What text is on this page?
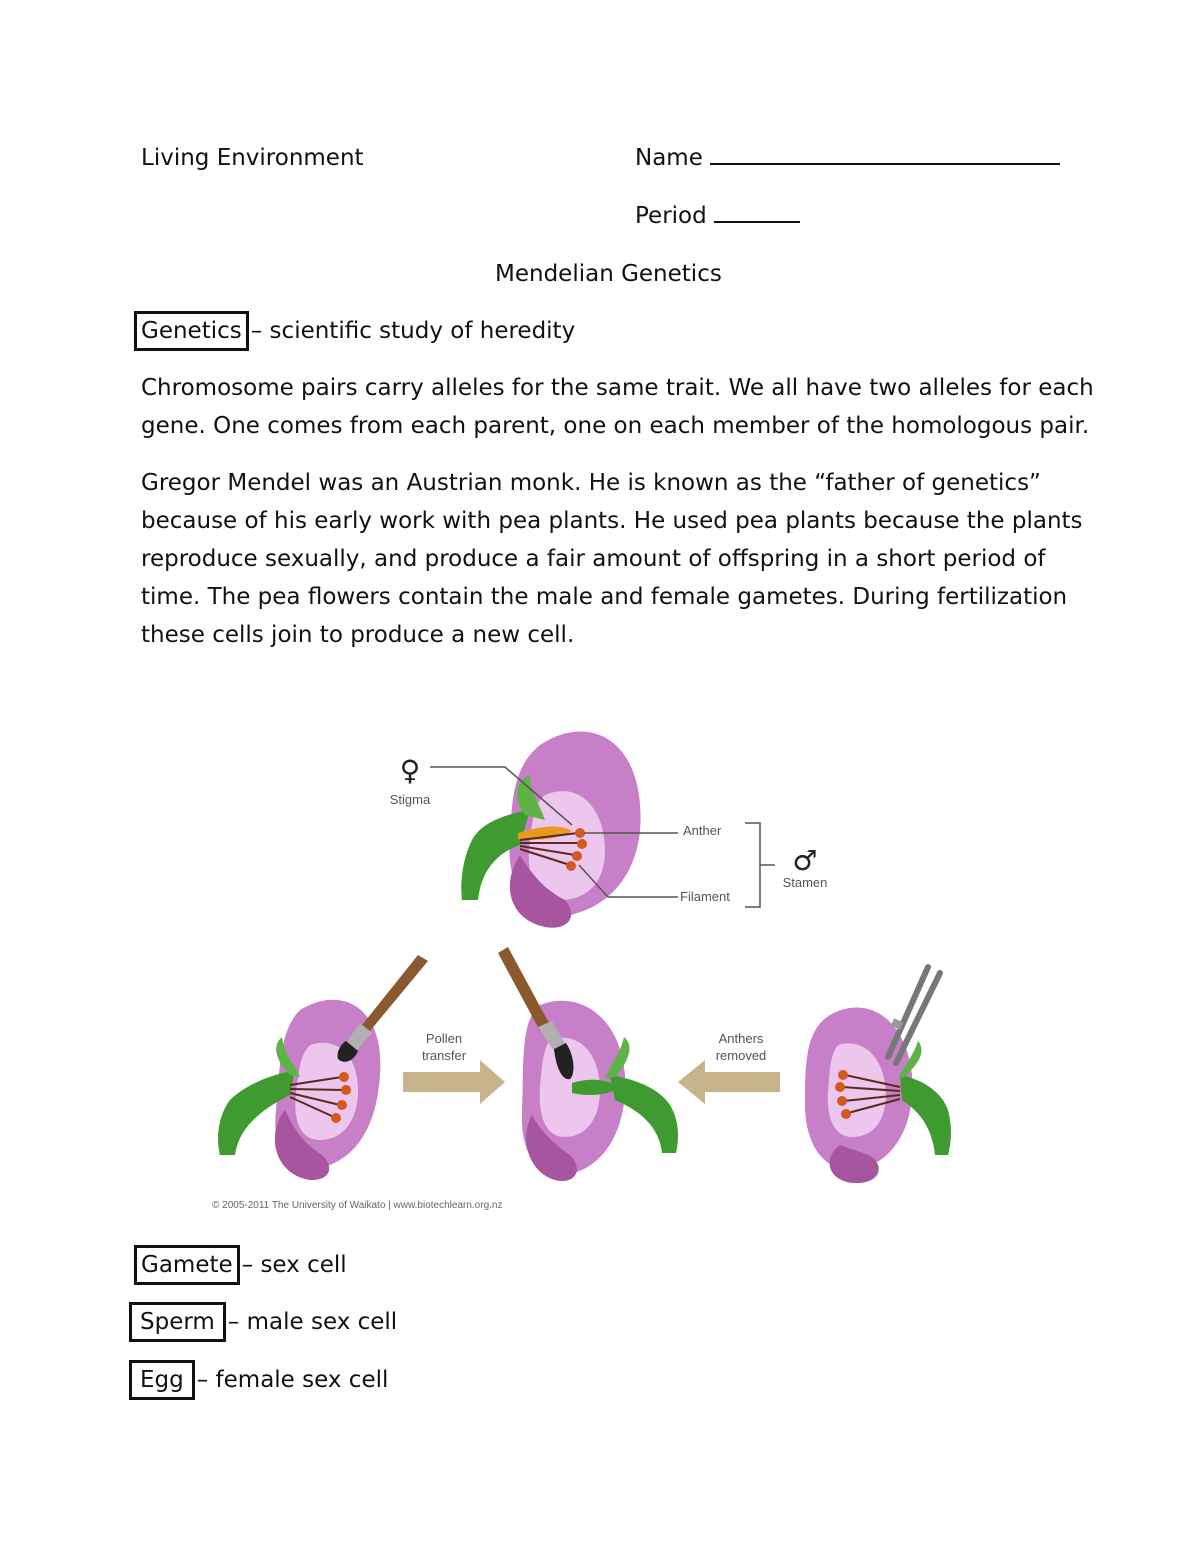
Living Environment	Name
Period
Mendelian Genetics
Genetics – scientific study of heredity
Chromosome pairs carry alleles for the same trait. We all have two alleles for each
gene. One comes from each parent, one on each member of the homologous pair.
Gregor Mendel was an Austrian monk. He is known as the “father of genetics”
because of his early work with pea plants. He used pea plants because the plants
reproduce sexually, and produce a fair amount of offspring in a short period of
time. The pea flowers contain the male and female gametes. During fertilization
these cells join to produce a new cell.
♀
Stigma
Anther
Filament
♂
Stamen
Pollen
transfer
Anthers
removed
© 2005-2011 The University of Waikato | www.biotechlearn.org.nz
Gamete – sex cell
Sperm – male sex cell
Egg – female sex cell
